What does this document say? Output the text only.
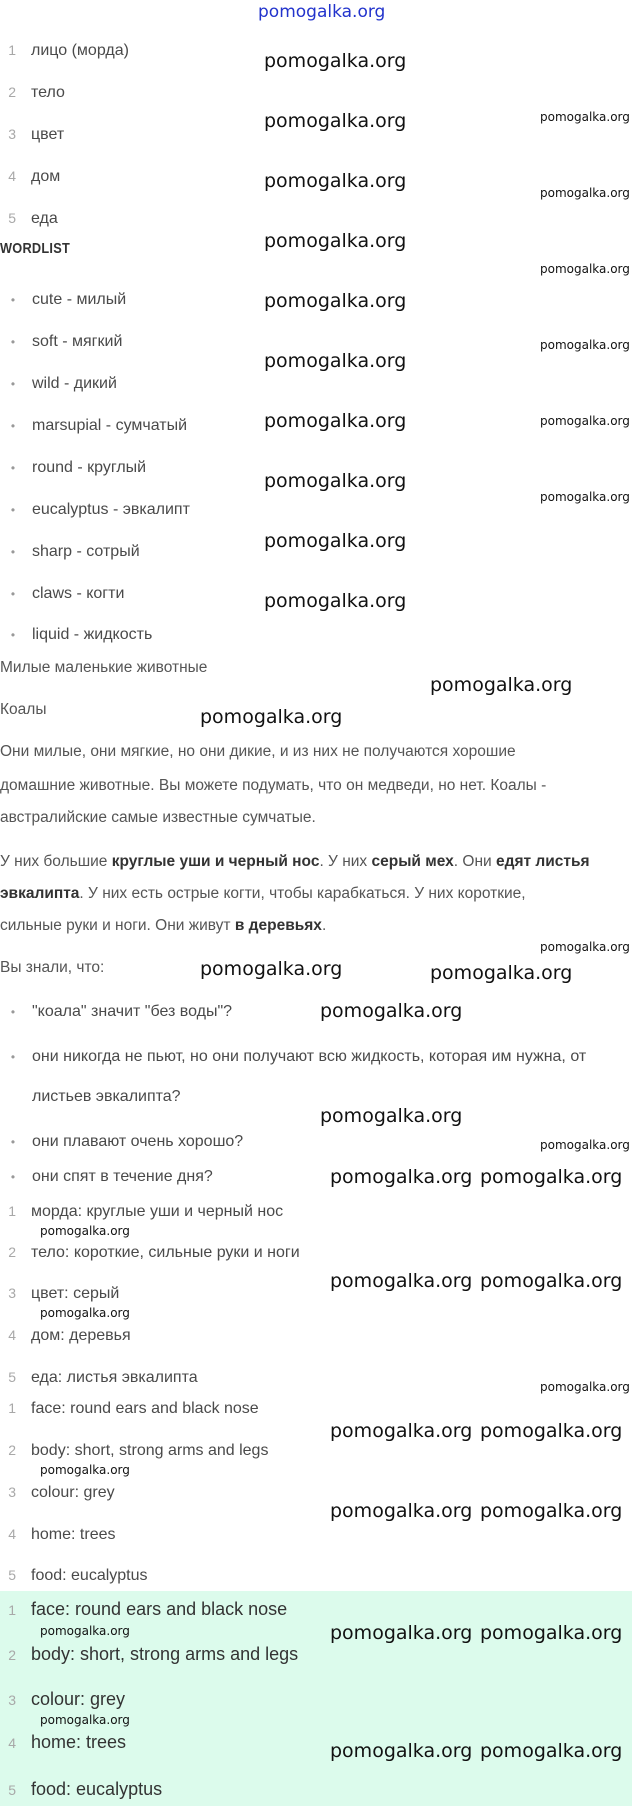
pomogalka.org
1 лицо (морда)
2 тело
3 цвет
4 дом
5 еда
WORDLIST
• cute - милый
• soft - мягкий
• wild - дикий
• marsupial - сумчатый
• round - круглый
• eucalyptus - эвкалипт
• sharp - сотрый
• claws - когти
• liquid - жидкость
Милые маленькие животные
Коалы
Они милые, они мягкие, но они дикие, и из них не получаются хорошие
домашние животные. Вы можете подумать, что он медведи, но нет. Коалы -
австралийские самые известные сумчатые.
У них большие круглые уши и черный нос. У них серый мех. Они едят листья
эвкалипта. У них есть острые когти, чтобы карабкаться. У них короткие,
сильные руки и ноги. Они живут в деревьях.
Вы знали, что:
• "коала" значит "без воды"?
• они никогда не пьют, но они получают всю жидкость, которая им нужна, от
листьев эвкалипта?
• они плавают очень хорошо?
• они спят в течение дня?
1 морда: круглые уши и черный нос
2 тело: короткие, сильные руки и ноги
3 цвет: серый
4 дом: деревья
5 еда: листья эвкалипта
1 face: round ears and black nose
2 body: short, strong arms and legs
3 colour: grey
4 home: trees
5 food: eucalyptus
1 face: round ears and black nose
2 body: short, strong arms and legs
3 colour: grey
4 home: trees
5 food: eucalyptus
pomogalka.org
pomogalka.org
pomogalka.org
pomogalka.org
pomogalka.org
pomogalka.org
pomogalka.org
pomogalka.org
pomogalka.org
pomogalka.org
pomogalka.org
pomogalka.org
pomogalka.org
pomogalka.org
pomogalka.org
pomogalka.org
pomogalka.org
pomogalka.org
pomogalka.org
pomogalka.org	pomogalka.org
pomogalka.org
pomogalka.org
pomogalka.org
pomogalka.org pomogalka.org
pomogalka.org pomogalka.org
pomogalka.org pomogalka.org
pomogalka.org pomogalka.org
pomogalka.org pomogalka.org
pomogalka.org pomogalka.org
pomogalka.org
pomogalka.org
pomogalka.org
pomogalka.org
pomogalka.org
pomogalka.org
